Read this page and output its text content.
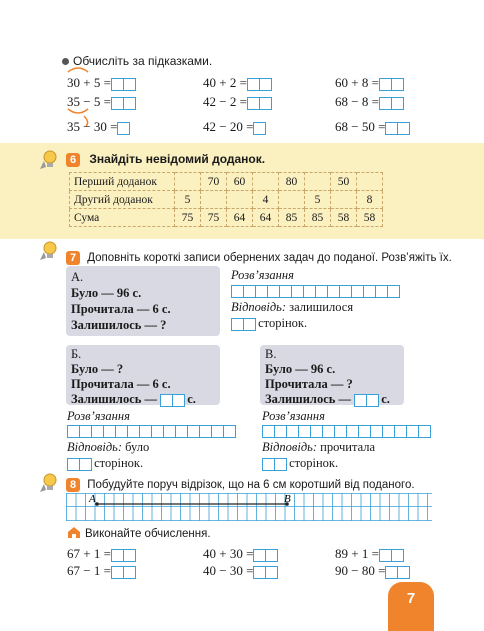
Обчисліть за підказками.
30 + 5 =
35 − 5 =
35 − 30 =
40 + 2 =
42 − 2 =
42 − 20 =
60 + 8 =
68 − 8 =
68 − 50 =
6 Знайдіть невідомий доданок.
Перший доданок		70	60		80		50	
Другий доданок	5			4		5		8
Сума	75	75	64	64	85	85	58	58
7 Доповніть короткі записи обернених задач до поданої. Розв’яжіть їх.
А.
Було — 96 с.
Прочитала — 6 с.
Залишилось — ?
Розв’язання
Відповідь: залишилося
сторінок.
Б.
Було — ?
Прочитала — 6 с.
Залишилось — с.
В.
Було — 96 с.
Прочитала — ?
Залишилось — с.
Розв’язання
Відповідь: було
сторінок.
Розв’язання
Відповідь: прочитала
сторінок.
8 Побудуйте поруч відрізок, що на 6 см коротший від поданого.
A	B
Виконайте обчислення.
67 + 1 =
67 − 1 =
40 + 30 =
40 − 30 =
89 + 1 =
90 − 80 =
7
